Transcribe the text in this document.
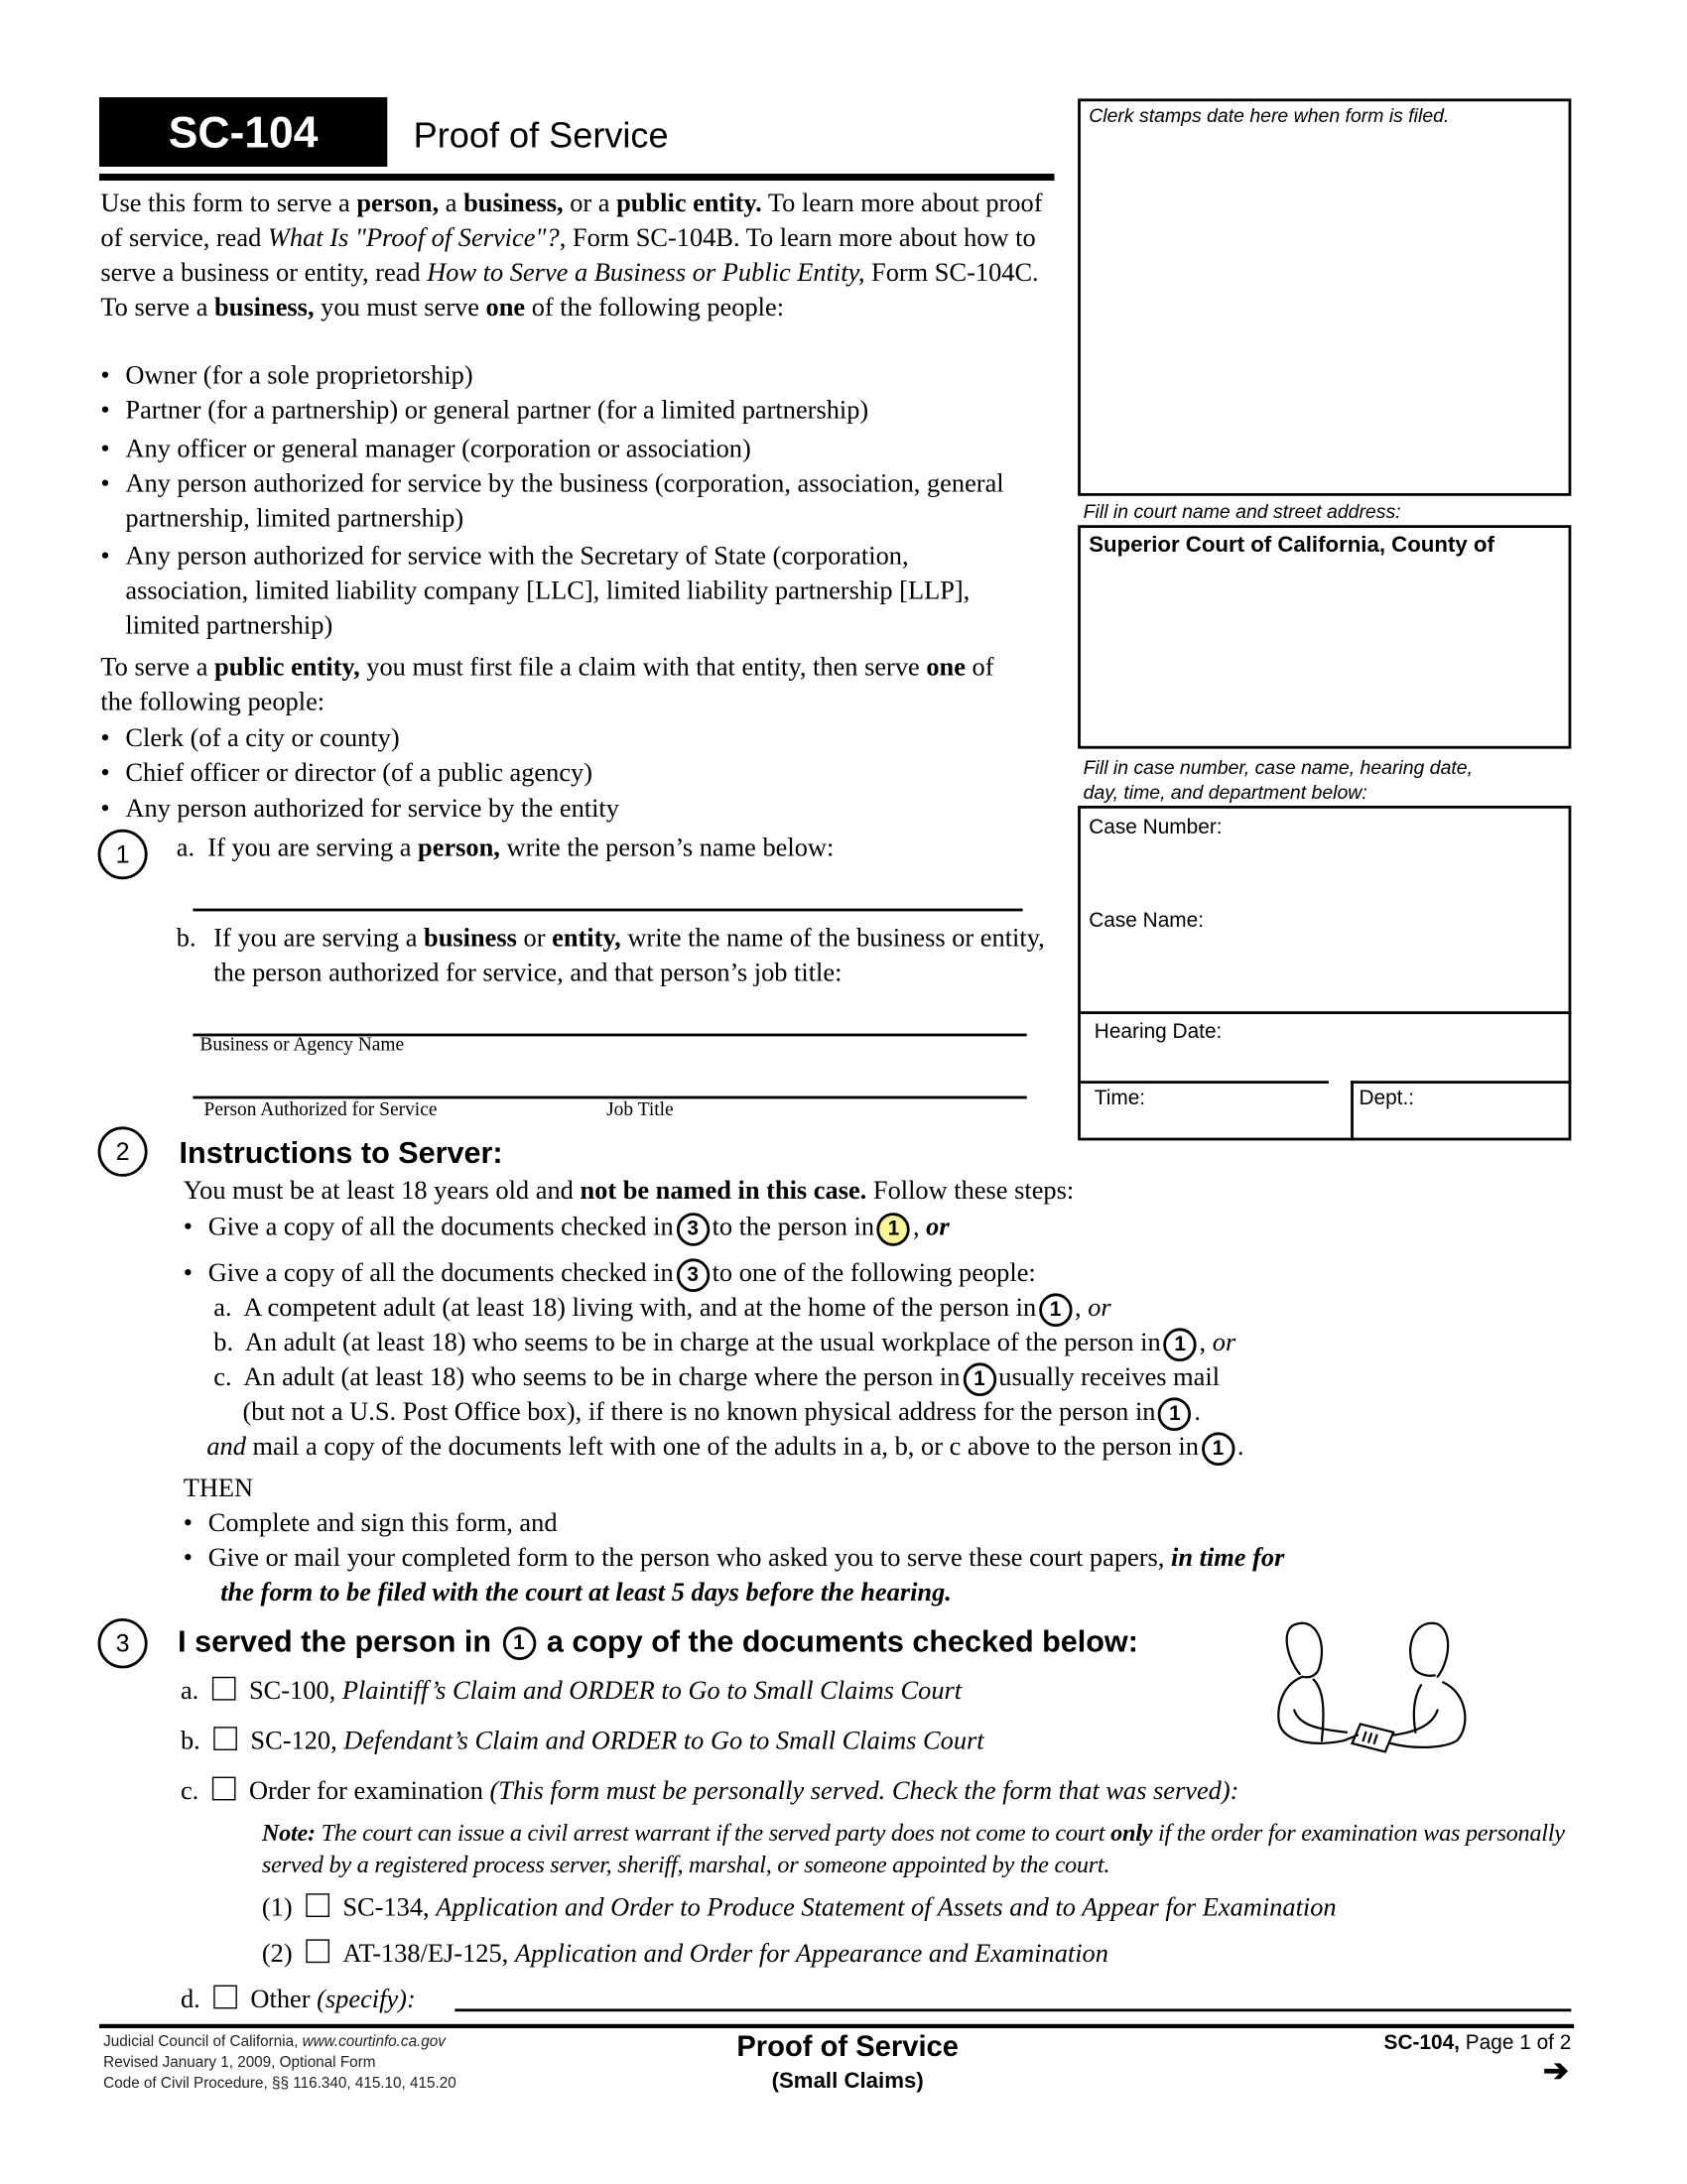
SC-104	Proof of Service	Clerk stamps date here when form is filed.
Fill in court name and street address:
Superior Court of California, County of
Fill in case number, case name, hearing date,
day, time, and department below:
Case Number:
Case Name:
Hearing Date:
Time:	Dept.:
Use this form to serve a person, a business, or a public entity. To learn more about proof of service, read What Is "Proof of Service"?, Form SC-104B. To learn more about how to serve a business or entity, read How to Serve a Business or Public Entity, Form SC-104C.
To serve a business, you must serve one of the following people:
• Owner (for a sole proprietorship)
• Partner (for a partnership) or general partner (for a limited partnership)
• Any officer or general manager (corporation or association)
• Any person authorized for service by the business (corporation, association, general partnership, limited partnership)
• Any person authorized for service with the Secretary of State (corporation, association, limited liability company [LLC], limited liability partnership [LLP], limited partnership)
To serve a public entity, you must first file a claim with that entity, then serve one of the following people:
• Clerk (of a city or county)
• Chief officer or director (of a public agency)
• Any person authorized for service by the entity
1	a. If you are serving a person, write the person’s name below:
b. If you are serving a business or entity, write the name of the business or entity, the person authorized for service, and that person’s job title:
Business or Agency Name
Person Authorized for Service	Job Title
2	Instructions to Server:
You must be at least 18 years old and not be named in this case. Follow these steps:
• Give a copy of all the documents checked in 3 to the person in 1 , or
• Give a copy of all the documents checked in 3 to one of the following people:
a. A competent adult (at least 18) living with, and at the home of the person in 1 , or
b. An adult (at least 18) who seems to be in charge at the usual workplace of the person in 1 , or
c. An adult (at least 18) who seems to be in charge where the person in 1 usually receives mail
(but not a U.S. Post Office box), if there is no known physical address for the person in 1 .
and mail a copy of the documents left with one of the adults in a, b, or c above to the person in 1 .
THEN
• Complete and sign this form, and
• Give or mail your completed form to the person who asked you to serve these court papers, in time for
the form to be filed with the court at least 5 days before the hearing.
3	I served the person in 1 a copy of the documents checked below:
a.	SC-100, Plaintiff’s Claim and ORDER to Go to Small Claims Court
b.	SC-120, Defendant’s Claim and ORDER to Go to Small Claims Court
c.	Order for examination (This form must be personally served. Check the form that was served):
Note: The court can issue a civil arrest warrant if the served party does not come to court only if the order for examination was personally served by a registered process server, sheriff, marshal, or someone appointed by the court.
(1)	SC-134, Application and Order to Produce Statement of Assets and to Appear for Examination
(2)	AT-138/EJ-125, Application and Order for Appearance and Examination
d.	Other (specify):
Judicial Council of California, www.courtinfo.ca.gov
Revised January 1, 2009, Optional Form
Code of Civil Procedure, §§ 116.340, 415.10, 415.20
Proof of Service
(Small Claims)
SC-104, Page 1 of 2
➔
